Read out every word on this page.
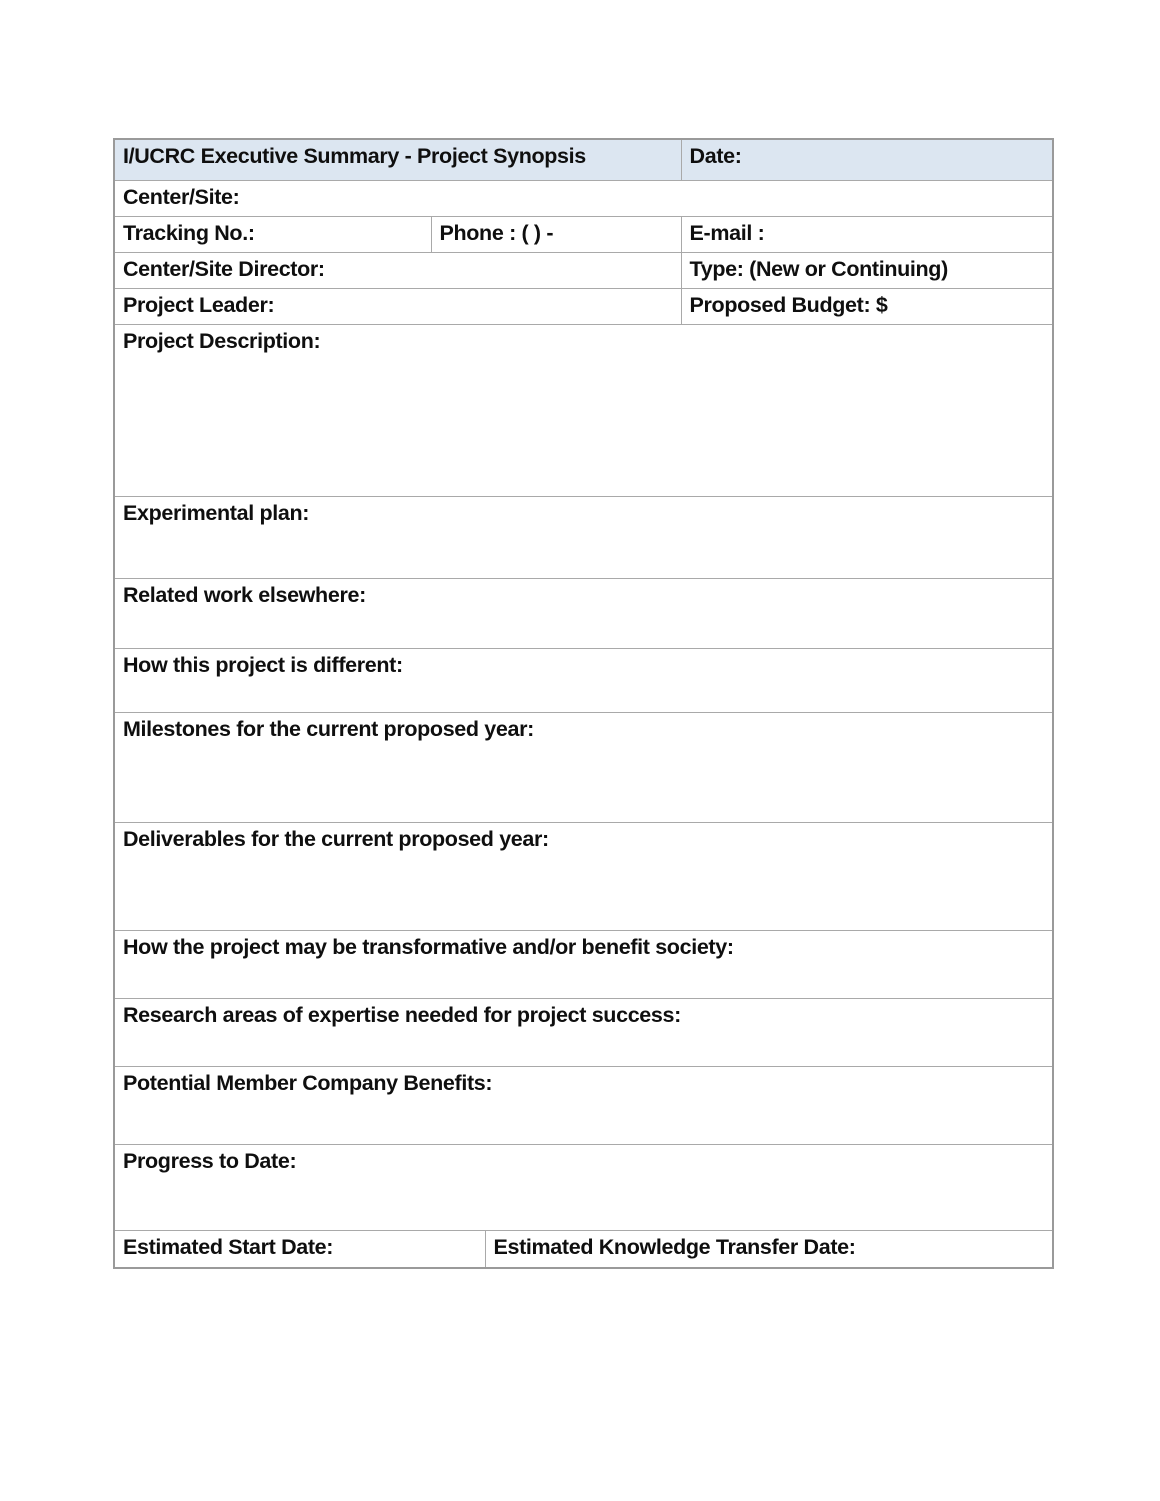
I/UCRC Executive Summary - Project Synopsis			Date:

Center/Site:			

Tracking No.:	Phone : ( ) -		E-mail :

Center/Site Director:			Type: (New or Continuing)

Project Leader:			Proposed Budget: $

Project Description:			

Experimental plan:			

Related work elsewhere:			

How this project is different:			

Milestones for the current proposed year:			

Deliverables for the current proposed year:			

How the project may be transformative and/or benefit society:			

Research areas of expertise needed for project success:			

Potential Member Company Benefits:			

Progress to Date:			

Estimated Start Date:		Estimated Knowledge Transfer Date:	
